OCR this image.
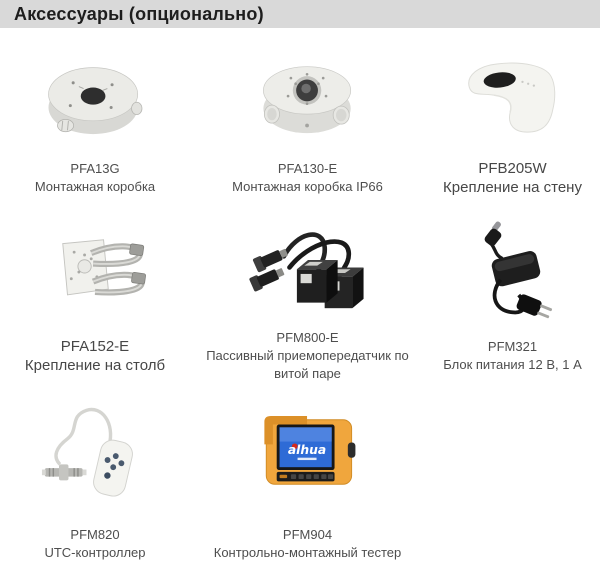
Аксессуары (опционально)
PFA13G
Монтажная коробка
PFA130-E
Монтажная коробка IP66
PFB205W
Крепление на стену
PFA152-E
Крепление на столб
PFM800-E
Пассивный приемопередатчик по витой паре
PFM321
Блок питания 12 В, 1 А
PFM820
UTC-контроллер
alhua
PFM904
Контрольно-монтажный тестер
